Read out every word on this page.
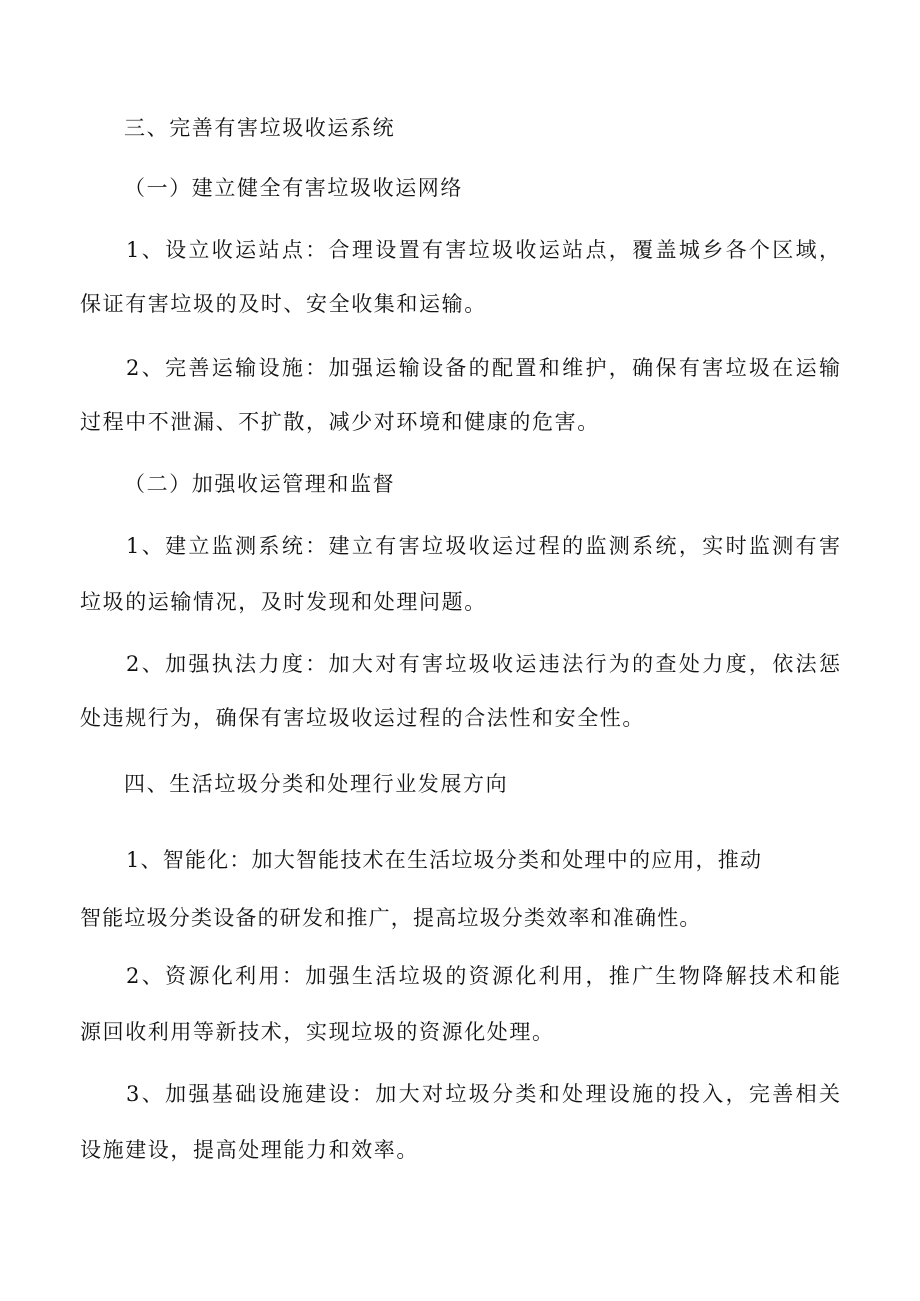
三、完善有害垃圾收运系统
（一）建立健全有害垃圾收运网络
1、设立收运站点：合理设置有害垃圾收运站点，覆盖城乡各个区域，
保证有害垃圾的及时、安全收集和运输。
2、完善运输设施：加强运输设备的配置和维护，确保有害垃圾在运输
过程中不泄漏、不扩散，减少对环境和健康的危害。
（二）加强收运管理和监督
1、建立监测系统：建立有害垃圾收运过程的监测系统，实时监测有害
垃圾的运输情况，及时发现和处理问题。
2、加强执法力度：加大对有害垃圾收运违法行为的查处力度，依法惩
处违规行为，确保有害垃圾收运过程的合法性和安全性。
四、生活垃圾分类和处理行业发展方向
1、智能化：加大智能技术在生活垃圾分类和处理中的应用，推动
智能垃圾分类设备的研发和推广，提高垃圾分类效率和准确性。
2、资源化利用：加强生活垃圾的资源化利用，推广生物降解技术和能
源回收利用等新技术，实现垃圾的资源化处理。
3、加强基础设施建设：加大对垃圾分类和处理设施的投入，完善相关
设施建设，提高处理能力和效率。
